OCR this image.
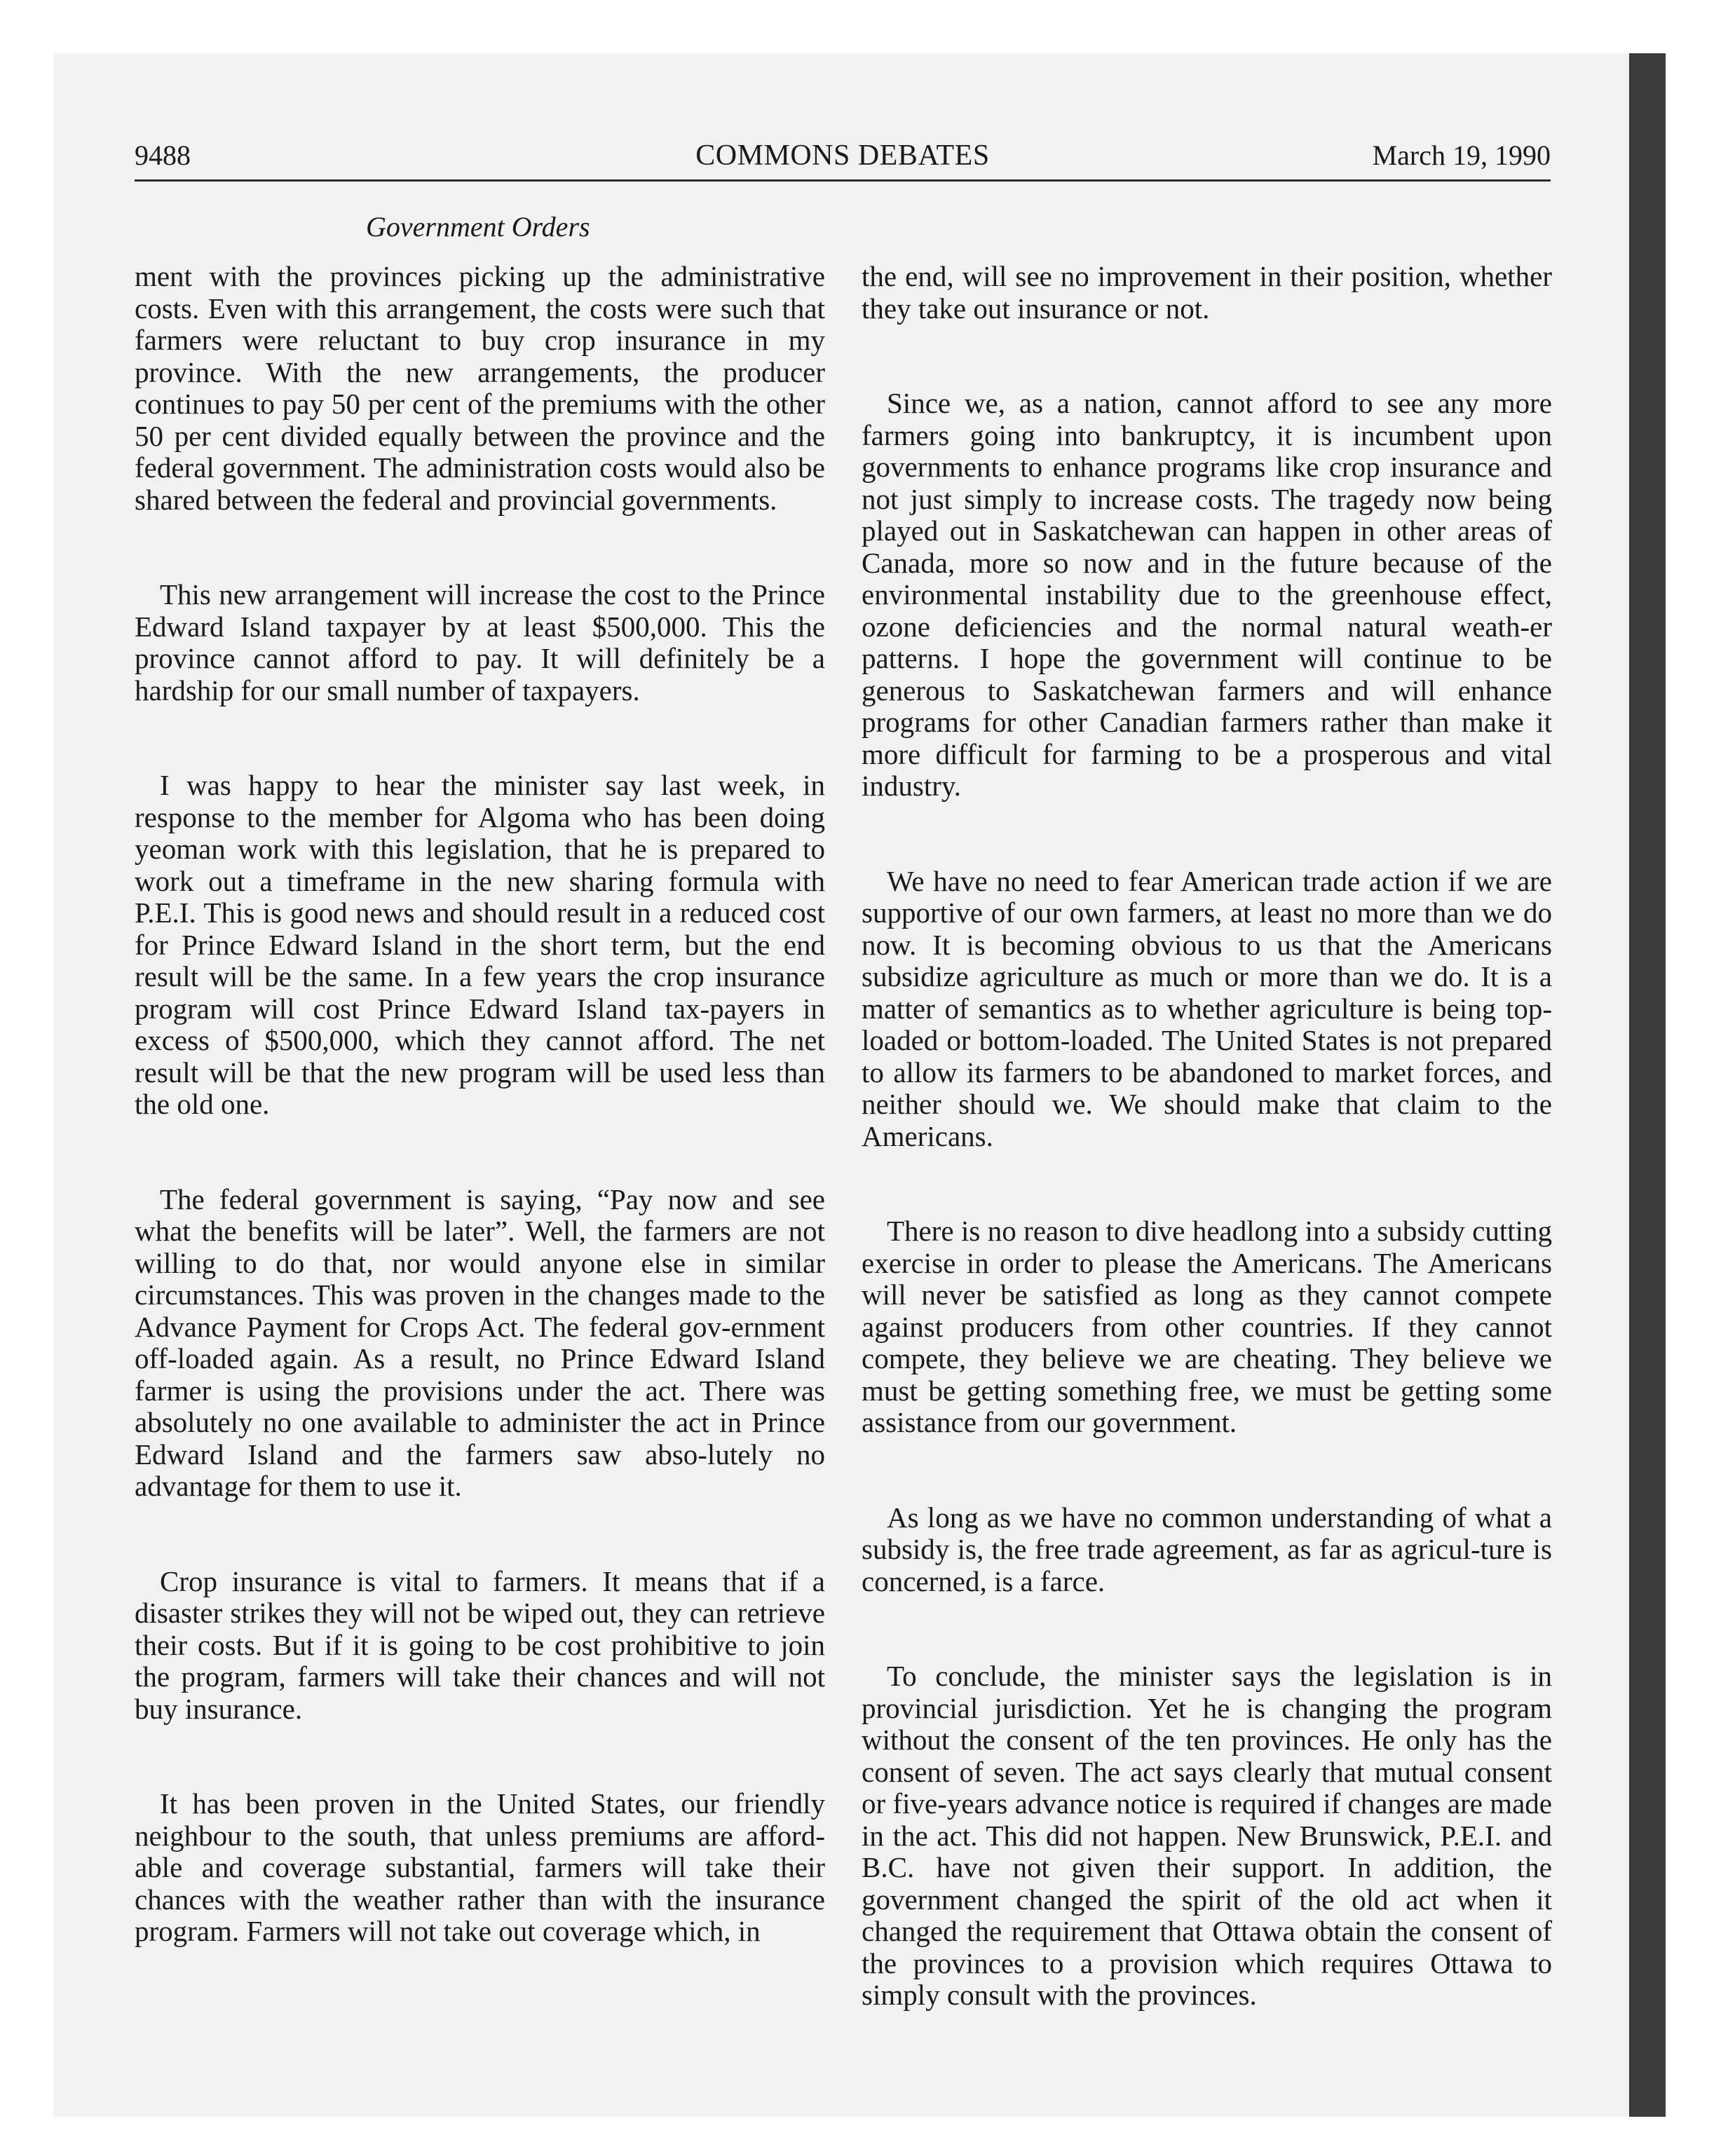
9488	COMMONS DEBATES	March 19, 1990
Government Orders

ment with the provinces picking up the administrative costs. Even with this arrangement, the costs were such that farmers were reluctant to buy crop insurance in my province. With the new arrangements, the producer continues to pay 50 per cent of the premiums with the other 50 per cent divided equally between the province and the federal government. The administration costs would also be shared between the federal and provincial governments.

This new arrangement will increase the cost to the Prince Edward Island taxpayer by at least $500,000. This the province cannot afford to pay. It will definitely be a hardship for our small number of taxpayers.

I was happy to hear the minister say last week, in response to the member for Algoma who has been doing yeoman work with this legislation, that he is prepared to work out a timeframe in the new sharing formula with P.E.I. This is good news and should result in a reduced cost for Prince Edward Island in the short term, but the end result will be the same. In a few years the crop insurance program will cost Prince Edward Island tax-payers in excess of $500,000, which they cannot afford. The net result will be that the new program will be used less than the old one.

The federal government is saying, “Pay now and see what the benefits will be later”. Well, the farmers are not willing to do that, nor would anyone else in similar circumstances. This was proven in the changes made to the Advance Payment for Crops Act. The federal gov-ernment off-loaded again. As a result, no Prince Edward Island farmer is using the provisions under the act. There was absolutely no one available to administer the act in Prince Edward Island and the farmers saw abso-lutely no advantage for them to use it.

Crop insurance is vital to farmers. It means that if a disaster strikes they will not be wiped out, they can retrieve their costs. But if it is going to be cost prohibitive to join the program, farmers will take their chances and will not buy insurance.

It has been proven in the United States, our friendly neighbour to the south, that unless premiums are afford-able and coverage substantial, farmers will take their chances with the weather rather than with the insurance program. Farmers will not take out coverage which, in

the end, will see no improvement in their position, whether they take out insurance or not.

Since we, as a nation, cannot afford to see any more farmers going into bankruptcy, it is incumbent upon governments to enhance programs like crop insurance and not just simply to increase costs. The tragedy now being played out in Saskatchewan can happen in other areas of Canada, more so now and in the future because of the environmental instability due to the greenhouse effect, ozone deficiencies and the normal natural weath-er patterns. I hope the government will continue to be generous to Saskatchewan farmers and will enhance programs for other Canadian farmers rather than make it more difficult for farming to be a prosperous and vital industry.

We have no need to fear American trade action if we are supportive of our own farmers, at least no more than we do now. It is becoming obvious to us that the Americans subsidize agriculture as much or more than we do. It is a matter of semantics as to whether agriculture is being top-loaded or bottom-loaded. The United States is not prepared to allow its farmers to be abandoned to market forces, and neither should we. We should make that claim to the Americans.

There is no reason to dive headlong into a subsidy cutting exercise in order to please the Americans. The Americans will never be satisfied as long as they cannot compete against producers from other countries. If they cannot compete, they believe we are cheating. They believe we must be getting something free, we must be getting some assistance from our government.

As long as we have no common understanding of what a subsidy is, the free trade agreement, as far as agricul-ture is concerned, is a farce.

To conclude, the minister says the legislation is in provincial jurisdiction. Yet he is changing the program without the consent of the ten provinces. He only has the consent of seven. The act says clearly that mutual consent or five-years advance notice is required if changes are made in the act. This did not happen. New Brunswick, P.E.I. and B.C. have not given their support. In addition, the government changed the spirit of the old act when it changed the requirement that Ottawa obtain the consent of the provinces to a provision which requires Ottawa to simply consult with the provinces.
